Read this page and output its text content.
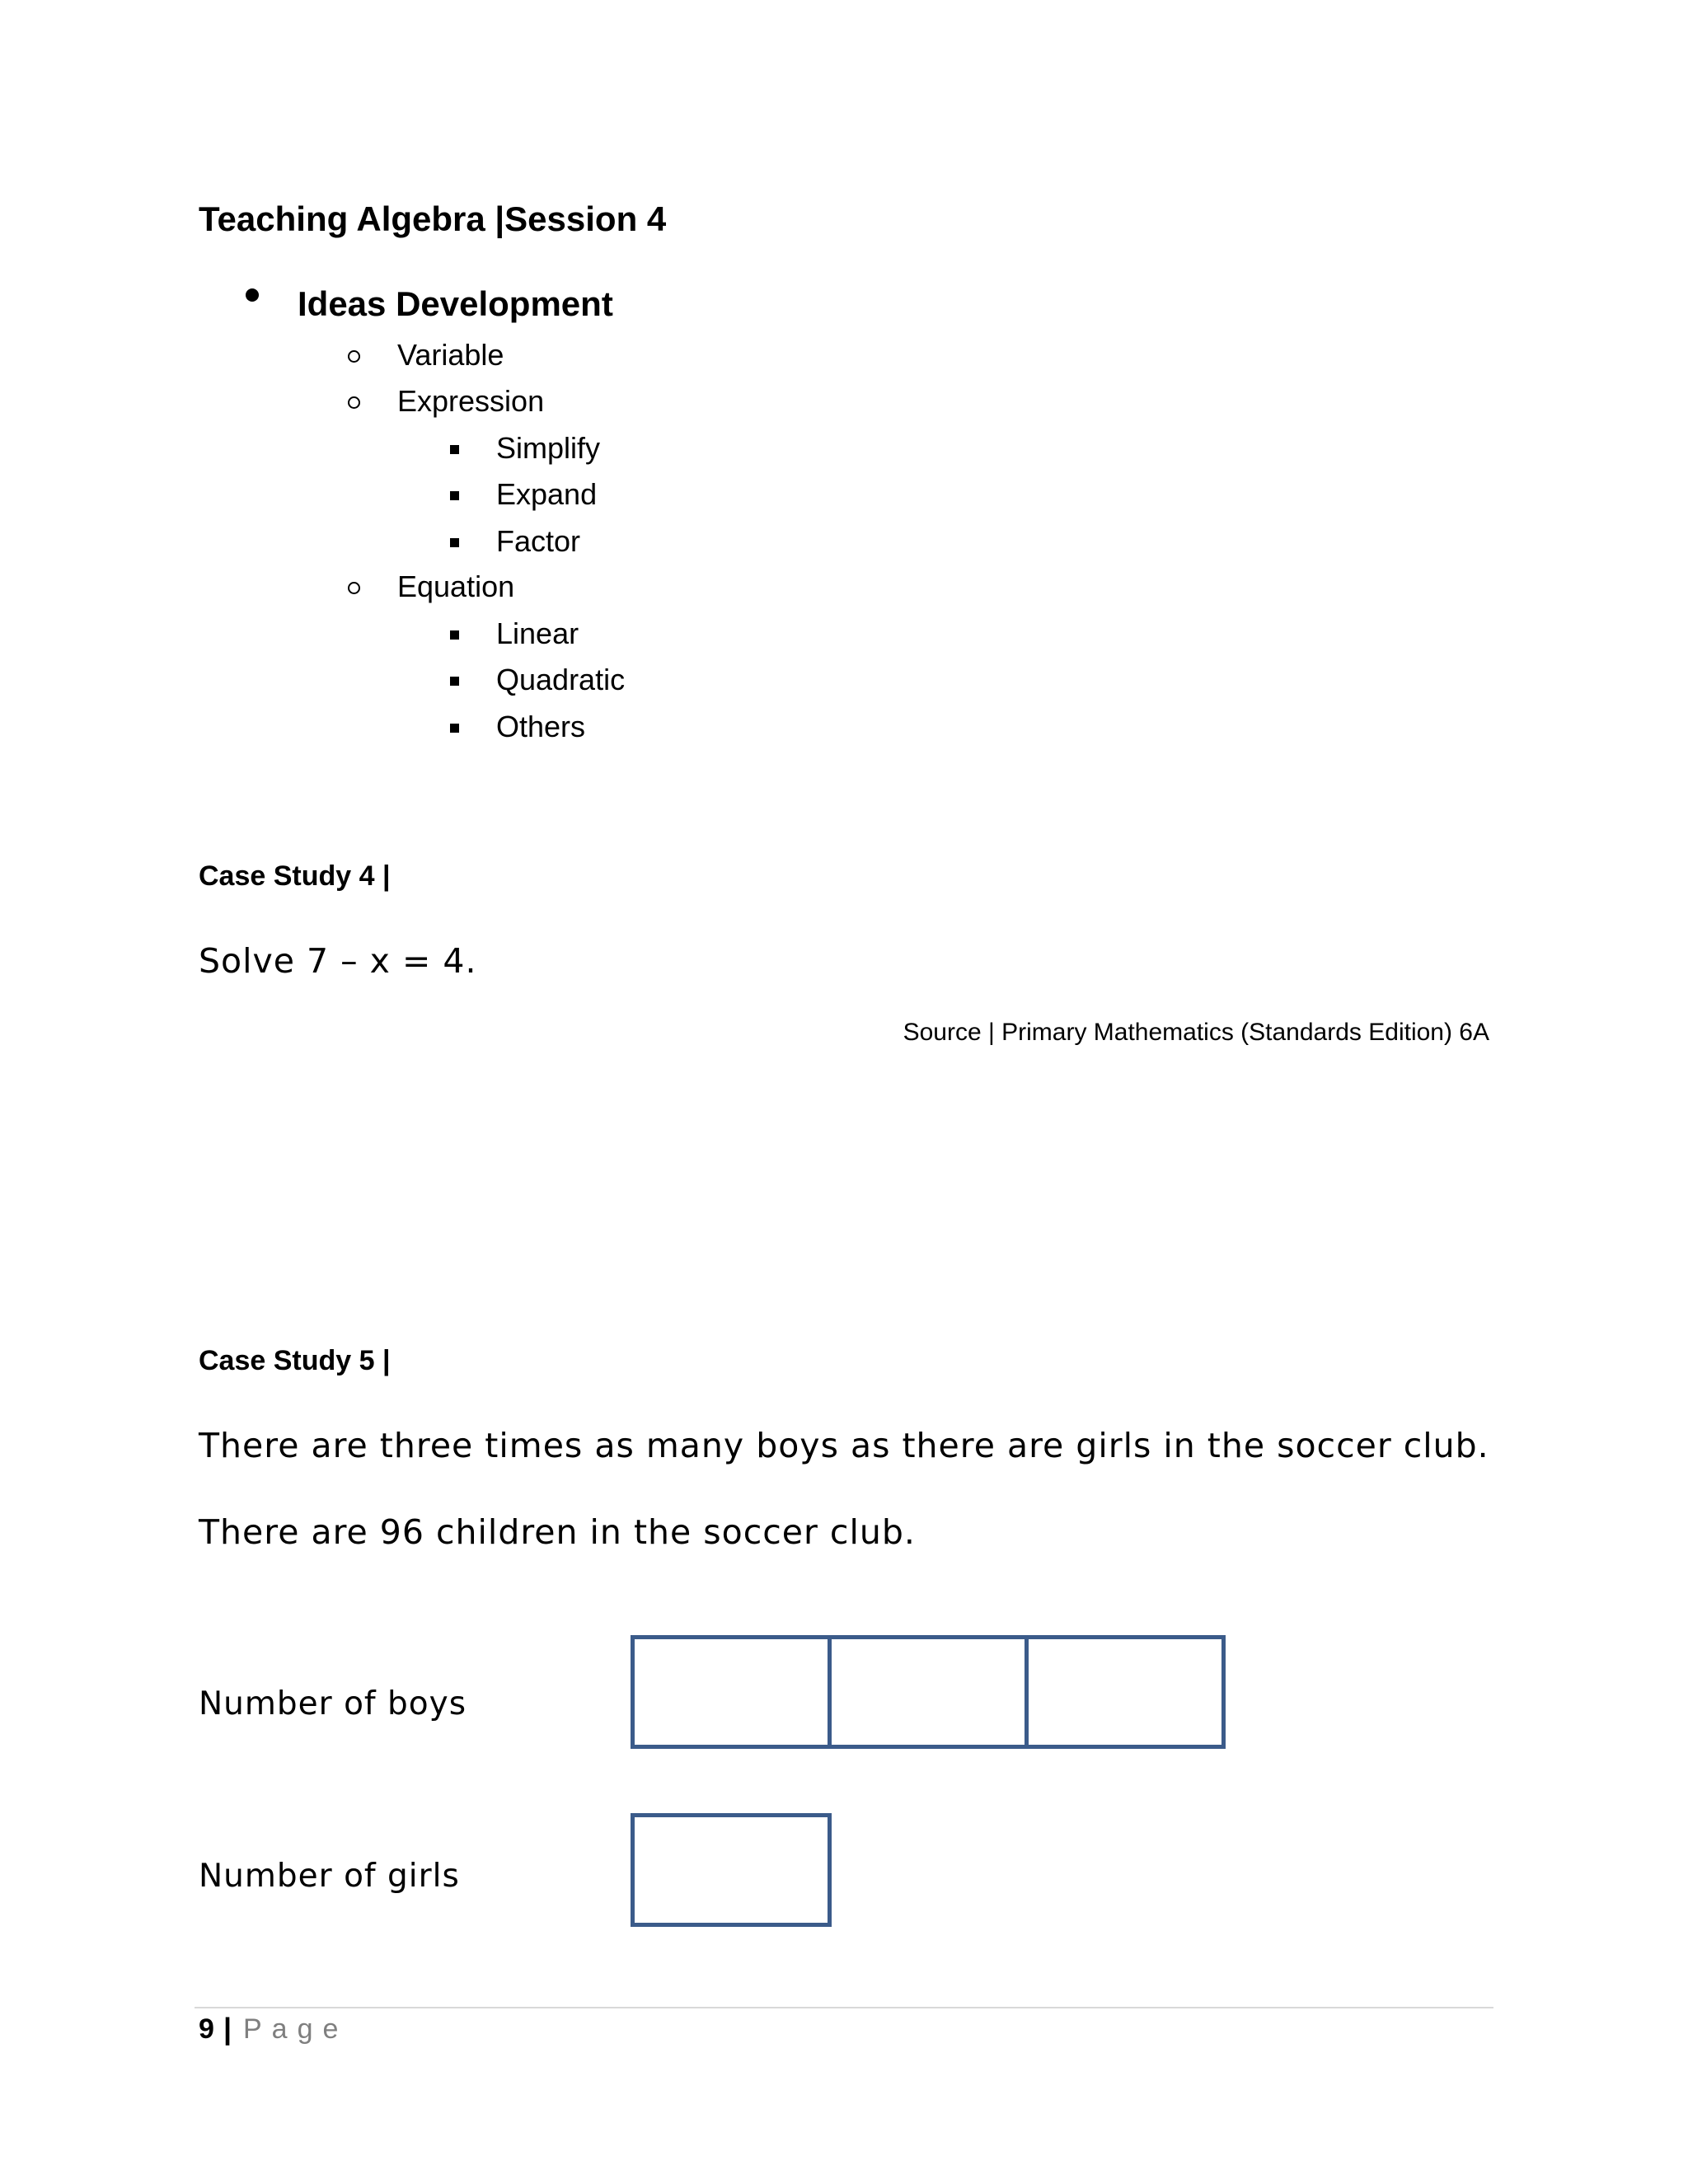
Teaching Algebra |Session 4
Ideas Development
Variable
Expression
Simplify
Expand
Factor
Equation
Linear
Quadratic
Others
Case Study 4 |
Solve 7 – x = 4.
Source | Primary Mathematics (Standards Edition) 6A
Case Study 5 |
There are three times as many boys as there are girls in the soccer club.
There are 96 children in the soccer club.
Number of boys
Number of girls
9 | Page
